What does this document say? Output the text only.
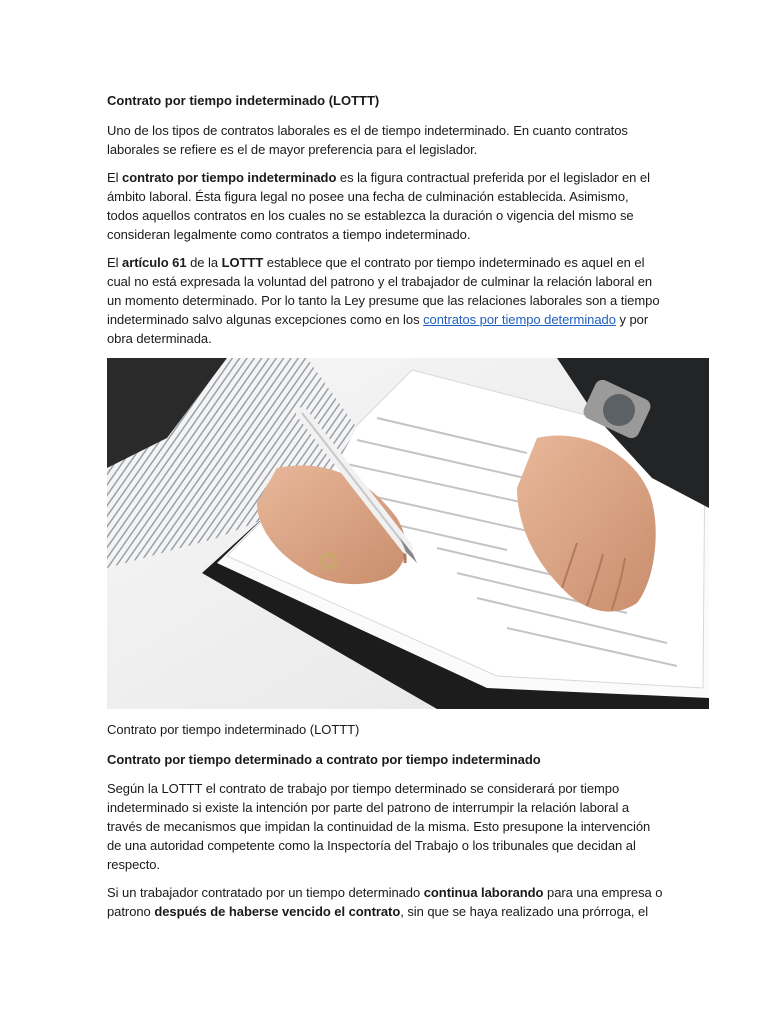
Contrato por tiempo indeterminado (LOTTT)

Uno de los tipos de contratos laborales es el de tiempo indeterminado. En cuanto contratos laborales se refiere es el de mayor preferencia para el legislador.

El contrato por tiempo indeterminado es la figura contractual preferida por el legislador en el ámbito laboral. Ésta figura legal no posee una fecha de culminación establecida. Asimismo, todos aquellos contratos en los cuales no se establezca la duración o vigencia del mismo se consideran legalmente como contratos a tiempo indeterminado.

El artículo 61 de la LOTTT establece que el contrato por tiempo indeterminado es aquel en el cual no está expresada la voluntad del patrono y el trabajador de culminar la relación laboral en un momento determinado. Por lo tanto la Ley presume que las relaciones laborales son a tiempo indeterminado salvo algunas excepciones como en los contratos por tiempo determinado y por obra determinada.

Contrato por tiempo indeterminado (LOTTT)

Contrato por tiempo determinado a contrato por tiempo indeterminado

Según la LOTTT el contrato de trabajo por tiempo determinado se considerará por tiempo indeterminado si existe la intención por parte del patrono de interrumpir la relación laboral a través de mecanismos que impidan la continuidad de la misma. Esto presupone la intervención de una autoridad competente como la Inspectoría del Trabajo o los tribunales que decidan al respecto.

Si un trabajador contratado por un tiempo determinado continua laborando para una empresa o patrono después de haberse vencido el contrato, sin que se haya realizado una prórroga, el
